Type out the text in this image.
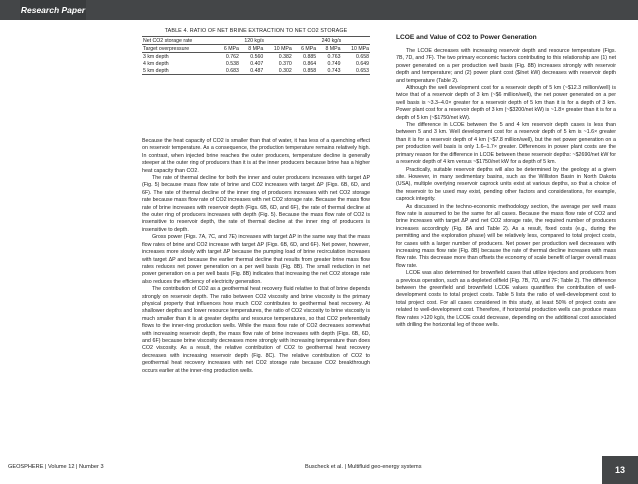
Research Paper
TABLE 4. RATIO OF NET BRINE EXTRACTION TO NET CO2 STORAGE
Net CO2 storage rate	120 kg/s			240 kg/s		
Target overpressure	6 MPa	8 MPa	10 MPa	6 MPa	8 MPa	10 MPa
3 km depth	0.762	0.560	0.382	0.885	0.763	0.658
4 km depth	0.538	0.407	0.370	0.864	0.749	0.649
5 km depth	0.683	0.487	0.302	0.858	0.743	0.653

Because the heat capacity of CO2 is smaller than that of water, it has less of a quenching effect on reservoir temperature. As a consequence, the production temperature remains relatively high. In contrast, when injected brine reaches the outer producers, temperature decline is generally steeper at the outer ring of producers than it is at the inner producers because brine has a higher heat capacity than CO2.

The rate of thermal decline for both the inner and outer producers increases with target ΔP (Fig. 5) because mass flow rate of brine and CO2 increases with target ΔP (Figs. 6B, 6D, and 6F). The rate of thermal decline of the inner ring of producers increases with net CO2 storage rate because mass flow rate of CO2 increases with net CO2 storage rate. Because the mass flow rate of brine increases with reservoir depth (Figs. 6B, 6D, and 6F), the rate of thermal decline at the outer ring of producers increases with depth (Fig. 5). Because the mass flow rate of CO2 is insensitive to reservoir depth, the rate of thermal decline at the inner ring of producers is insensitive to depth.

Gross power (Figs. 7A, 7C, and 7E) increases with target ΔP in the same way that the mass flow rates of brine and CO2 increase with target ΔP (Figs. 6B, 6D, and 6F). Net power, however, increases more slowly with target ΔP because the pumping load of brine recirculation increases with target ΔP and because the earlier thermal decline that results from greater brine mass flow rates reduces net power generation on a per well basis (Fig. 8B). The small reduction in net power generation on a per well basis (Fig. 8B) indicates that increasing the net CO2 storage rate also reduces the efficiency of electricity generation.

The contribution of CO2 as a geothermal heat recovery fluid relative to that of brine depends strongly on reservoir depth. The ratio between CO2 viscosity and brine viscosity is the primary physical property that influences how much CO2 contributes to geothermal heat recovery. At shallower depths and lower resource temperatures, the ratio of CO2 viscosity to brine viscosity is much smaller than it is at greater depths and resource temperatures, so that CO2 preferentially flows to the inner-ring production wells. While the mass flow rate of CO2 decreases somewhat with increasing reservoir depth, the mass flow rate of brine increases with depth (Figs. 6B, 6D, and 6F) because brine viscosity decreases more strongly with increasing temperature than does CO2 viscosity. As a result, the relative contribution of CO2 to geothermal heat recovery decreases with increasing reservoir depth (Fig. 8C). The relative contribution of CO2 to geothermal heat recovery increases with net CO2 storage rate because CO2 breakthrough occurs earlier at the inner-ring production wells.

LCOE and Value of CO2 to Power Generation

The LCOE decreases with increasing reservoir depth and resource temperature (Figs. 7B, 7D, and 7F). The two primary economic factors contributing to this relationship are (1) net power generated on a per production well basis (Fig. 8B) increases strongly with reservoir depth and temperature; and (2) power plant cost ($/net kW) decreases with reservoir depth and temperature (Table 2).

Although the well development cost for a reservoir depth of 5 km (~$12.3 million/well) is twice that of a reservoir depth of 3 km (~$6 million/well), the net power generated on a per well basis is ~3.3–4.0× greater for a reservoir depth of 5 km than it is for a depth of 3 km. Power plant cost for a reservoir depth of 3 km (~$3200/net kW) is ~1.8× greater than it is for a depth of 5 km (~$1750/net kW).

The difference in LCOE between the 5 and 4 km reservoir depth cases is less than between 5 and 3 km. Well development cost for a reservoir depth of 5 km is ~1.6× greater than it is for a reservoir depth of 4 km (~$7.8 million/well), but the net power generation on a per production well basis is only 1.6–1.7× greater. Differences in power plant costs are the primary reason for the difference in LCOE between these reservoir depths: ~$2690/net kW for a reservoir depth of 4 km versus ~$1750/net kW for a depth of 5 km.

Practically, suitable reservoir depths will also be determined by the geology at a given site. However, in many sedimentary basins, such as the Williston Basin in North Dakota (USA), multiple overlying reservoir caprock units exist at various depths, so that a choice of the reservoir to be used may exist, pending other factors and considerations, for example, caprock integrity.

As discussed in the techno-economic methodology section, the average per well mass flow rate is assumed to be the same for all cases. Because the mass flow rate of CO2 and brine increases with target ΔP and net CO2 storage rate, the required number of producers increases accordingly (Fig. 8A and Table 2). As a result, fixed costs (e.g., during the permitting and the exploration phase) will be relatively less, compared to total project costs, for cases with a larger number of producers. Net power per production well decreases with increasing mass flow rate (Fig. 8B) because the rate of thermal decline increases with mass flow rate. This decrease more than offsets the economy of scale benefit of larger overall mass flow rate.

LCOE was also determined for brownfield cases that utilize injectors and producers from a previous operation, such as a depleted oilfield (Fig. 7B, 7D, and 7F; Table 2). The difference between the greenfield and brownfield LCOE values quantifies the contribution of well-development costs to total project costs. Table 5 lists the ratio of well-development cost to total project cost. For all cases considered in this study, at least 50% of project costs are related to well-development cost. Therefore, if horizontal production wells can produce mass flow rates >120 kg/s, the LCOE could decrease, depending on the additional cost associated with drilling the horizontal leg of those wells.

GEOSPHERE | Volume 12 | Number 3	Buscheck et al. | Multifluid geo-energy systems	13
